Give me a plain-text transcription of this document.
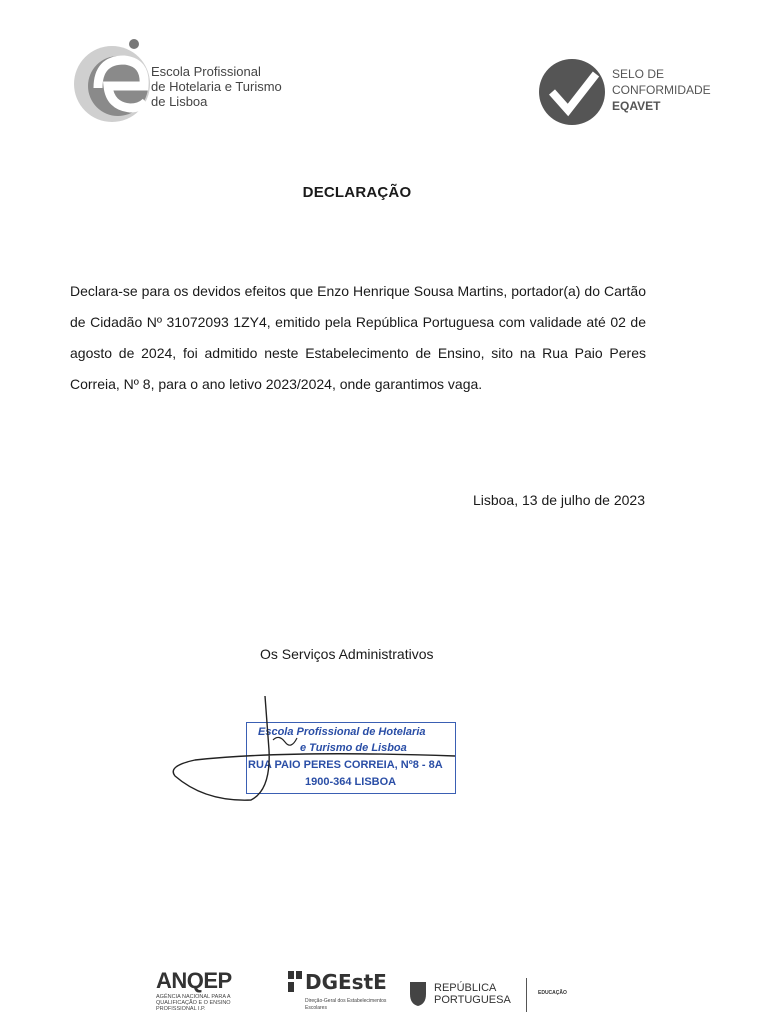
Escola Profissional
de Hotelaria e Turismo
de Lisboa
SELO DE
CONFORMIDADE
EQAVET
DECLARAÇÃO
Declara-se para os devidos efeitos que Enzo Henrique Sousa Martins, portador(a) do Cartão de Cidadão Nº 31072093 1ZY4, emitido pela República Portuguesa com validade até 02 de agosto de 2024, foi admitido neste Estabelecimento de Ensino, sito na Rua Paio Peres Correia, Nº 8, para o ano letivo 2023/2024, onde garantimos vaga.
Lisboa, 13 de julho de 2023
Os Serviços Administrativos
Escola Profissional de Hotelaria
e Turismo de Lisboa
RUA PAIO PERES CORREIA, Nº8 - 8A
1900-364 LISBOA
ANQEP
AGÊNCIA NACIONAL PARA A QUALIFICAÇÃO E O ENSINO PROFISSIONAL I.P.
DGEstE
Direção-Geral dos Estabelecimentos Escolares
REPÚBLICA
PORTUGUESA
EDUCAÇÃO
